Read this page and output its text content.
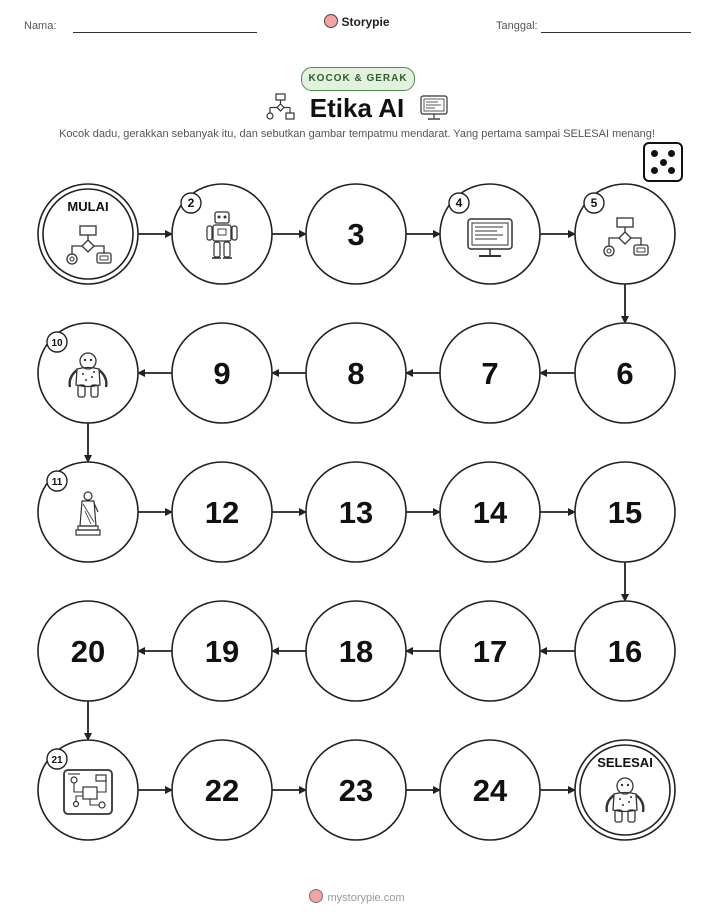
Nama:	Storypie	Tanggal:
KOCOK & GERAK
Etika AI
Kocok dadu, gerakkan sebanyak itu, dan sebutkan gambar tempatmu mendarat. Yang pertama sampai SELESAI menang!
MULAI	2
3
4	5
6
7
8
9
10
11
12	13	14	15
16
17
18
19
20
21
22	23	24
SELESAI
mystorypie.com
